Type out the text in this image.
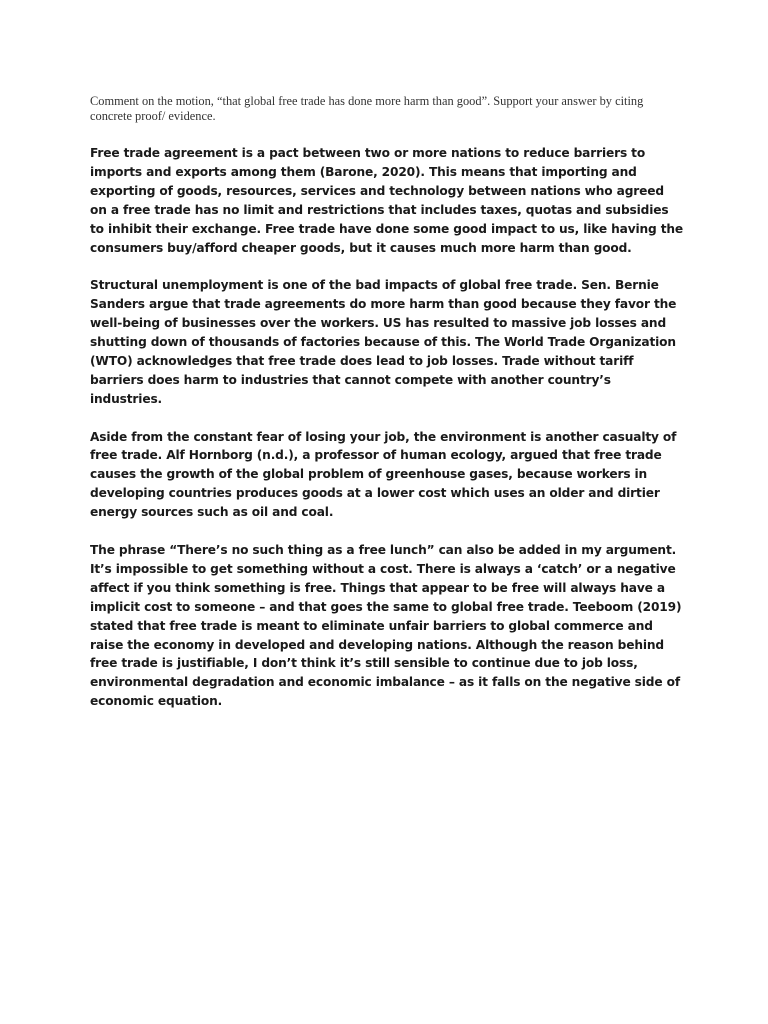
Comment on the motion, “that global free trade has done more harm than good”. Support your answer by citing concrete proof/ evidence.

Free trade agreement is a pact between two or more nations to reduce barriers to imports and exports among them (Barone, 2020). This means that importing and exporting of goods, resources, services and technology between nations who agreed on a free trade has no limit and restrictions that includes taxes, quotas and subsidies to inhibit their exchange. Free trade have done some good impact to us, like having the consumers buy/afford cheaper goods, but it causes much more harm than good.

Structural unemployment is one of the bad impacts of global free trade. Sen. Bernie Sanders argue that trade agreements do more harm than good because they favor the well-being of businesses over the workers. US has resulted to massive job losses and shutting down of thousands of factories because of this. The World Trade Organization (WTO) acknowledges that free trade does lead to job losses. Trade without tariff barriers does harm to industries that cannot compete with another country’s industries.

Aside from the constant fear of losing your job, the environment is another casualty of free trade. Alf Hornborg (n.d.), a professor of human ecology, argued that free trade causes the growth of the global problem of greenhouse gases, because workers in developing countries produces goods at a lower cost which uses an older and dirtier energy sources such as oil and coal.

The phrase “There’s no such thing as a free lunch” can also be added in my argument. It’s impossible to get something without a cost. There is always a ‘catch’ or a negative affect if you think something is free. Things that appear to be free will always have a implicit cost to someone – and that goes the same to global free trade. Teeboom (2019) stated that free trade is meant to eliminate unfair barriers to global commerce and raise the economy in developed and developing nations. Although the reason behind free trade is justifiable, I don’t think it’s still sensible to continue due to job loss, environmental degradation and economic imbalance – as it falls on the negative side of economic equation.
